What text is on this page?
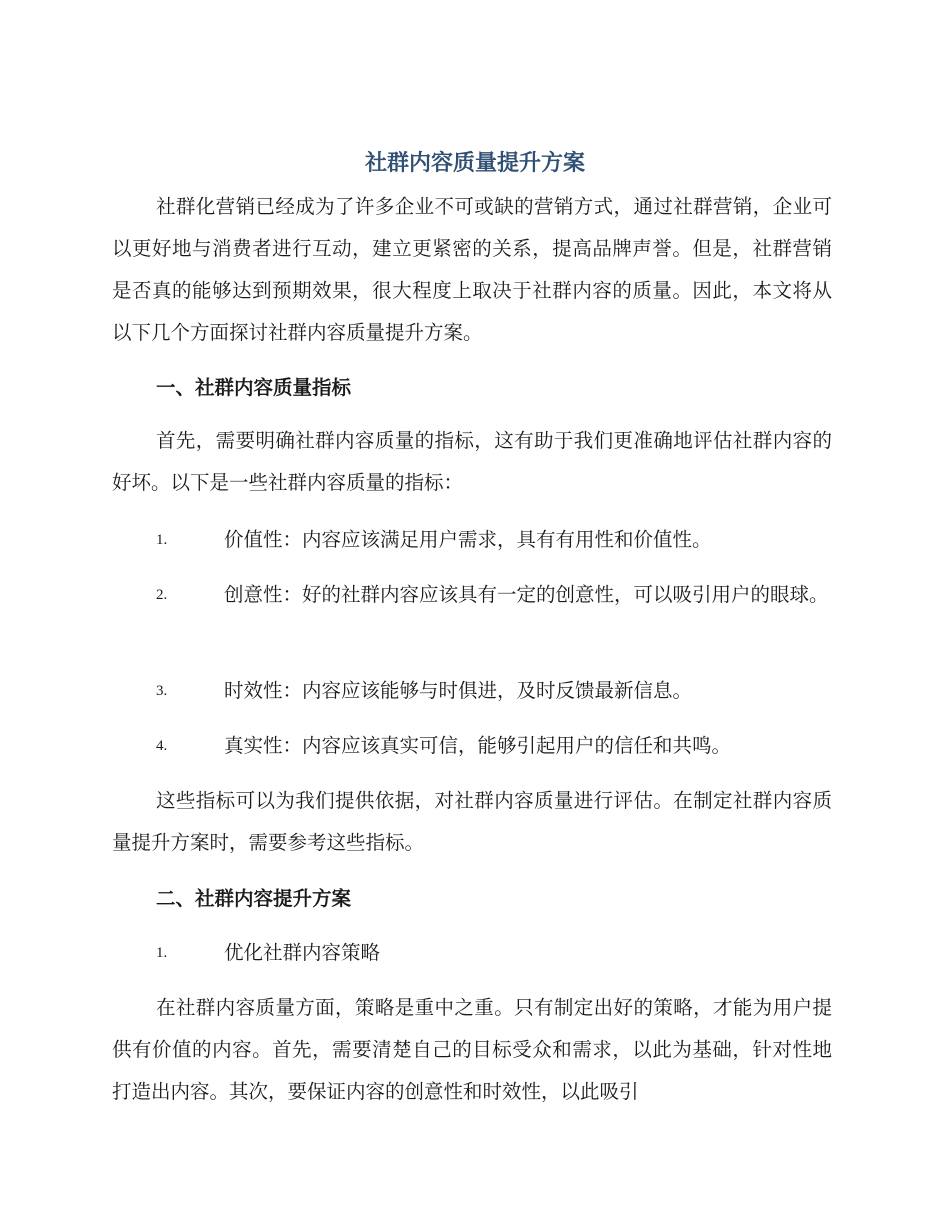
社群内容质量提升方案

社群化营销已经成为了许多企业不可或缺的营销方式，通过社群营销，企业可以更好地与消费者进行互动，建立更紧密的关系，提高品牌声誉。但是，社群营销是否真的能够达到预期效果，很大程度上取决于社群内容的质量。因此，本文将从以下几个方面探讨社群内容质量提升方案。

一、社群内容质量指标

首先，需要明确社群内容质量的指标，这有助于我们更准确地评估社群内容的好坏。以下是一些社群内容质量的指标：

1.	价值性：内容应该满足用户需求，具有有用性和价值性。
2.	创意性：好的社群内容应该具有一定的创意性，可以吸引用户的眼球。
3.	时效性：内容应该能够与时俱进，及时反馈最新信息。
4.	真实性：内容应该真实可信，能够引起用户的信任和共鸣。

这些指标可以为我们提供依据，对社群内容质量进行评估。在制定社群内容质量提升方案时，需要参考这些指标。

二、社群内容提升方案
1.	优化社群内容策略

在社群内容质量方面，策略是重中之重。只有制定出好的策略，才能为用户提供有价值的内容。首先，需要清楚自己的目标受众和需求，以此为基础，针对性地打造出内容。其次，要保证内容的创意性和时效性，以此吸引
